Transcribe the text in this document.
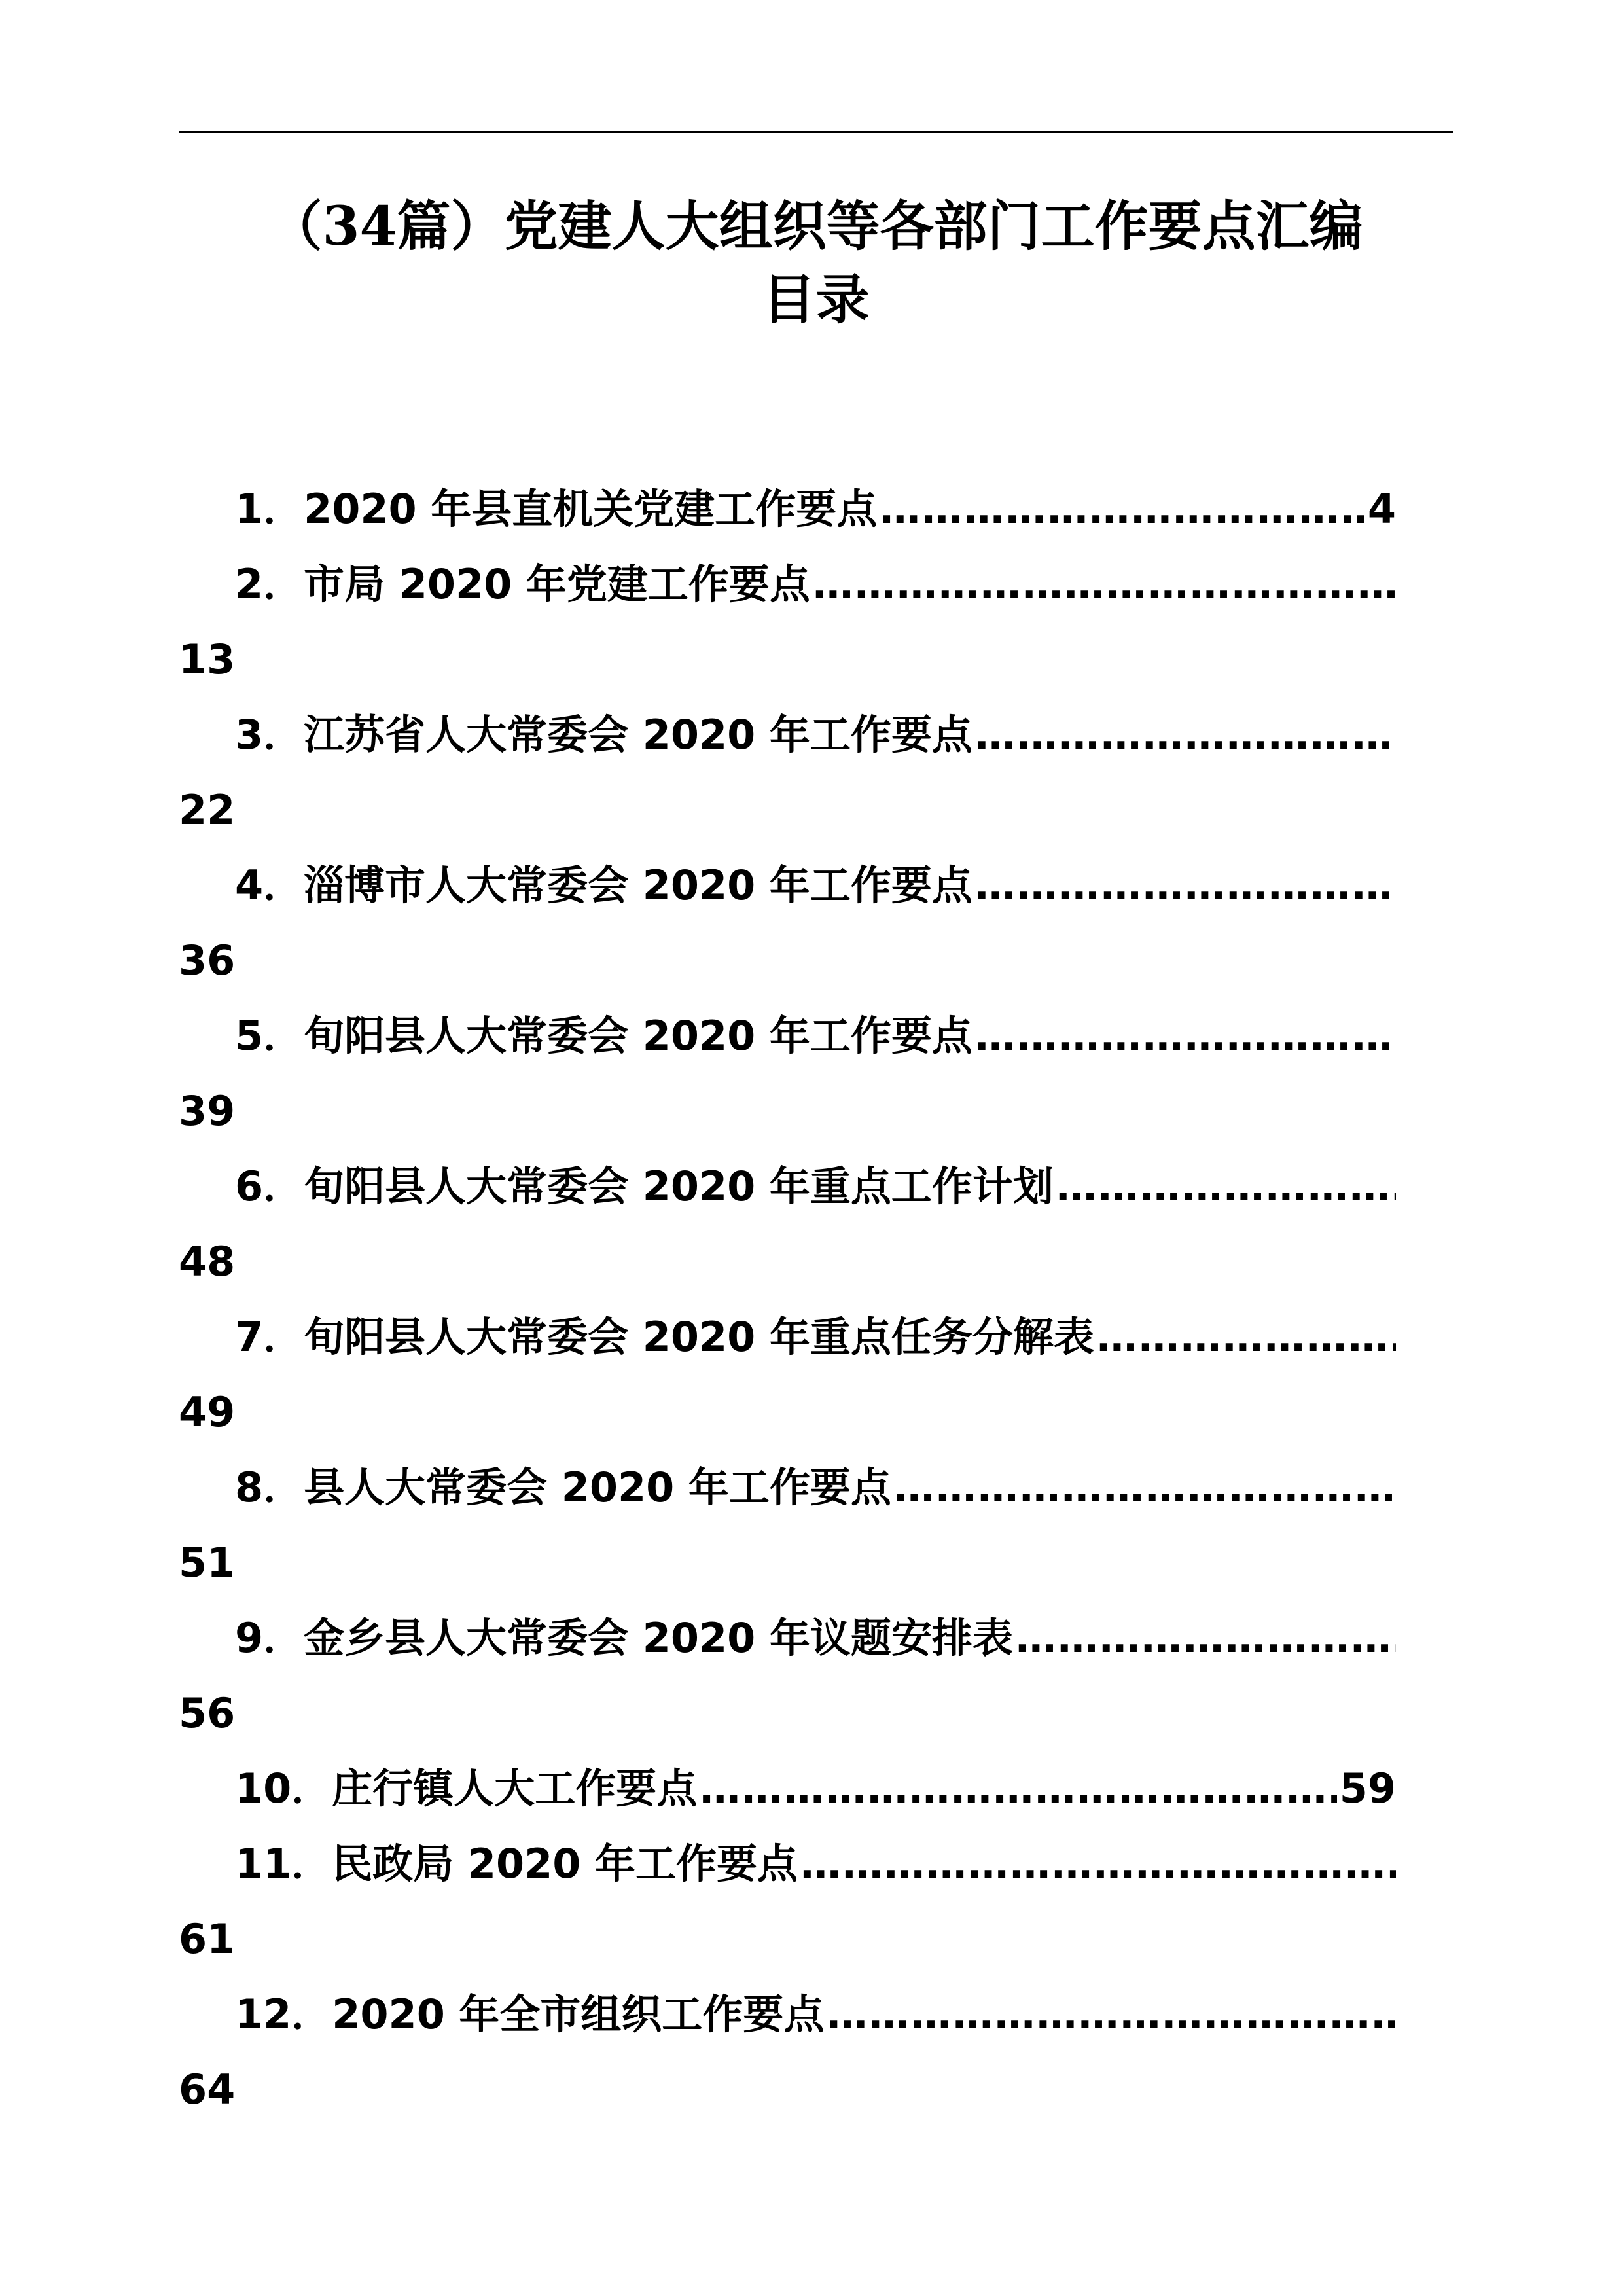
（34篇）党建人大组织等各部门工作要点汇编
目录
1．2020 年县直机关党建工作要点 ……………………………………………………………………………………………………………………	4
2．市局 2020 年党建工作要点
……………………………………………………………………………………………………………………
13
3．江苏省人大常委会 2020 年工作要点
……………………………………………………………………………………………………………………
22
4．淄博市人大常委会 2020 年工作要点
……………………………………………………………………………………………………………………
36
5．旬阳县人大常委会 2020 年工作要点
……………………………………………………………………………………………………………………
39
6．旬阳县人大常委会 2020 年重点工作计划
……………………………………………………………………………………………………………………
48
7．旬阳县人大常委会 2020 年重点任务分解表
……………………………………………………………………………………………………………………
49
8．县人大常委会 2020 年工作要点
……………………………………………………………………………………………………………………
51
9．金乡县人大常委会 2020 年议题安排表
……………………………………………………………………………………………………………………
56
10．庄行镇人大工作要点 ……………………………………………………………………………………………………………………	59
11．民政局 2020 年工作要点
……………………………………………………………………………………………………………………
61
12．2020 年全市组织工作要点
……………………………………………………………………………………………………………………
64
